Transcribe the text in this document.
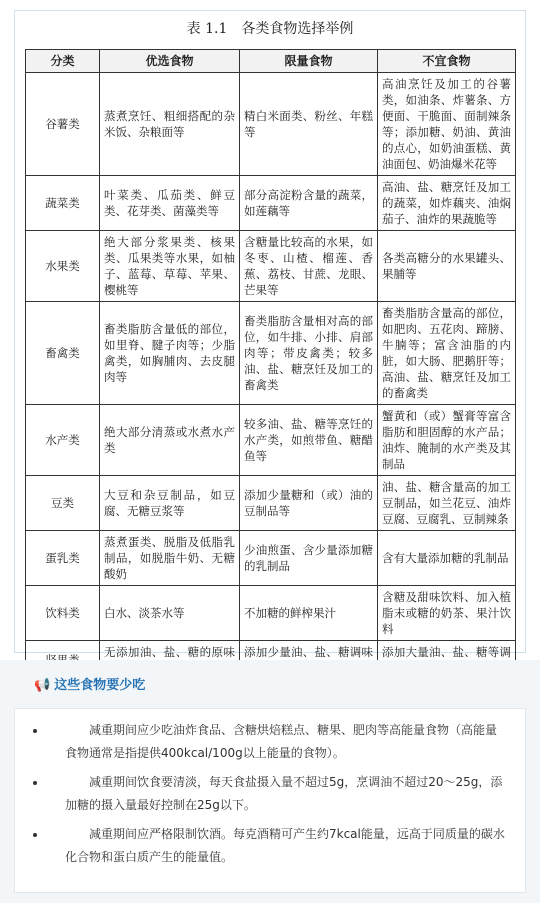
表 1.1　各类食物选择举例
分类	优选食物	限量食物	不宜食物
谷薯类	蒸煮烹饪、粗细搭配的杂米饭、杂粮面等	精白米面类、粉丝、年糕等	高油烹饪及加工的谷薯类，如油条、炸薯条、方便面、干脆面、面制辣条等；添加糖、奶油、黄油的点心，如奶油蛋糕、黄油面包、奶油爆米花等
蔬菜类	叶菜类、瓜茄类、鲜豆类、花芽类、菌藻类等	部分高淀粉含量的蔬菜，如莲藕等	高油、盐、糖烹饪及加工的蔬菜，如炸藕夹、油焖茄子、油炸的果蔬脆等
水果类	绝大部分浆果类、核果类、瓜果类等水果，如柚子、蓝莓、草莓、苹果、樱桃等	含糖量比较高的水果，如冬枣、山楂、榴莲、香蕉、荔枝、甘蔗、龙眼、芒果等	各类高糖分的水果罐头、果脯等
畜禽类	畜类脂肪含量低的部位，如里脊、腱子肉等；少脂禽类，如胸脯肉、去皮腿肉等	畜类脂肪含量相对高的部位，如牛排、小排、肩部肉等；带皮禽类；较多油、盐、糖烹饪及加工的畜禽类	畜类脂肪含量高的部位，如肥肉、五花肉、蹄膀、牛腩等；富含油脂的内脏，如大肠、肥鹅肝等；高油、盐、糖烹饪及加工的畜禽类
水产类	绝大部分清蒸或水煮水产类	较多油、盐、糖等烹饪的水产类，如煎带鱼、糖醋鱼等	蟹黄和（或）蟹膏等富含脂肪和胆固醇的水产品；油炸、腌制的水产类及其制品
豆类	大豆和杂豆制品，如豆腐、无糖豆浆等	添加少量糖和（或）油的豆制品等	油、盐、糖含量高的加工豆制品，如兰花豆、油炸豆腐、豆腐乳、豆制辣条
蛋乳类	蒸煮蛋类、脱脂及低脂乳制品，如脱脂牛奶、无糖酸奶	少油煎蛋、含少量添加糖的乳制品	含有大量添加糖的乳制品
饮料类	白水、淡茶水等	不加糖的鲜榨果汁	含糖及甜味饮料、加入植脂末或糖的奶茶、果汁饮料
	无添加油、盐、糖的原味	添加少量油、盐、糖调味	添加大量油、盐、糖等调
📢 这些食物要少吃
减重期间应少吃油炸食品、含糖烘焙糕点、糖果、肥肉等高能量食物（高能量食物通常是指提供400kcal/100g以上能量的食物）。
减重期间饮食要清淡，每天食盐摄入量不超过5g，烹调油不超过20～25g，添加糖的摄入量最好控制在25g以下。
减重期间应严格限制饮酒。每克酒精可产生约7kcal能量，远高于同质量的碳水化合物和蛋白质产生的能量值。
